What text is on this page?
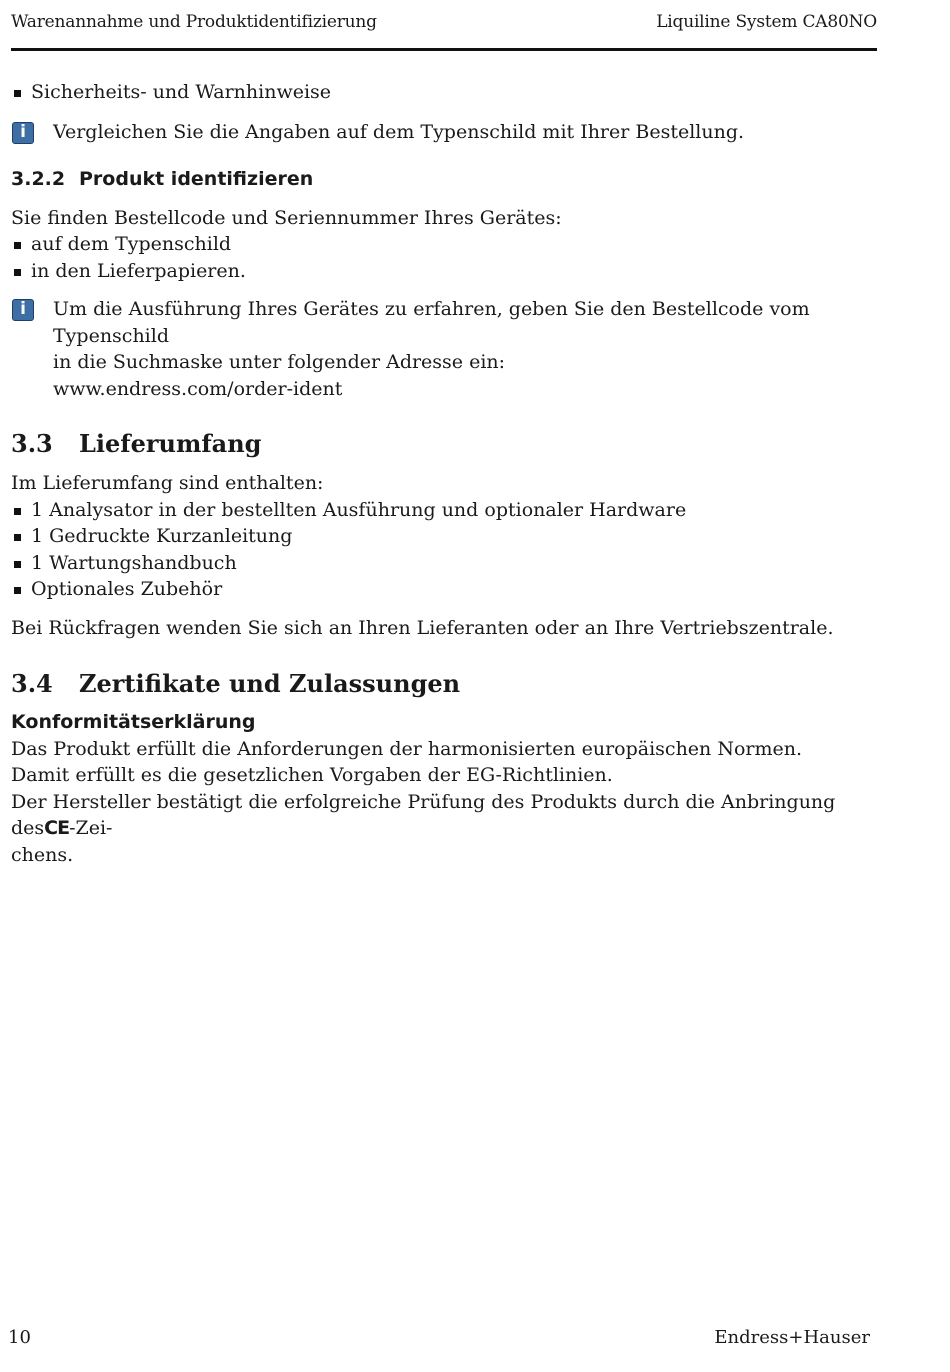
Warenannahme und Produktidentifizierung	Liquiline System CA80NO
Sicherheits- und Warnhinweise
i	Vergleichen Sie die Angaben auf dem Typenschild mit Ihrer Bestellung.
3.2.2 Produkt identifizieren

Sie finden Bestellcode und Seriennummer Ihres Gerätes:

auf dem Typenschild
in den Lieferpapieren.
i	Um die Ausführung Ihres Gerätes zu erfahren, geben Sie den Bestellcode vom Typenschild
in die Suchmaske unter folgender Adresse ein:
www.endress.com/order-ident
3.3 Lieferumfang

Im Lieferumfang sind enthalten:

1 Analysator in der bestellten Ausführung und optionaler Hardware
1 Gedruckte Kurzanleitung
1 Wartungshandbuch
Optionales Zubehör

Bei Rückfragen wenden Sie sich an Ihren Lieferanten oder an Ihre Vertriebszentrale.

3.4 Zertifikate und Zulassungen
Konformitätserklärung

Das Produkt erfüllt die Anforderungen der harmonisierten europäischen Normen.

Damit erfüllt es die gesetzlichen Vorgaben der EG-Richtlinien.

Der Hersteller bestätigt die erfolgreiche Prüfung des Produkts durch die Anbringung desCE-Zei-

chens.

10	Endress+Hauser
